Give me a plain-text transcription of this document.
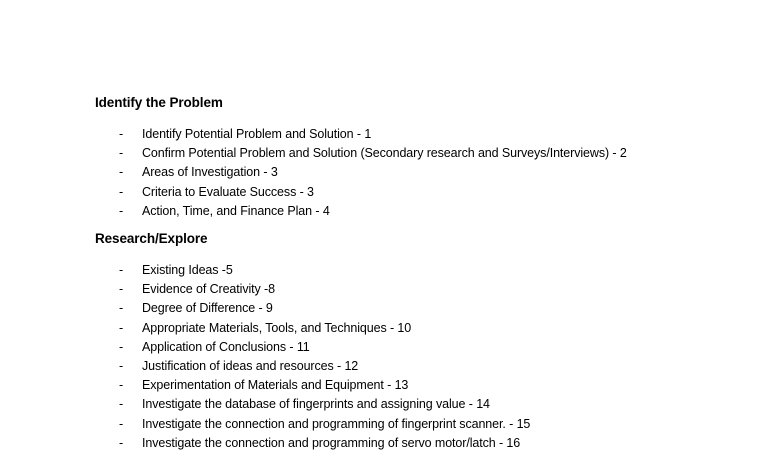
Identify the Problem
- Identify Potential Problem and Solution - 1
- Confirm Potential Problem and Solution (Secondary research and Surveys/Interviews) - 2
- Areas of Investigation - 3
- Criteria to Evaluate Success - 3
- Action, Time, and Finance Plan - 4
Research/Explore
- Existing Ideas -5
- Evidence of Creativity -8
- Degree of Difference - 9
- Appropriate Materials, Tools, and Techniques - 10
- Application of Conclusions - 11
- Justification of ideas and resources - 12
- Experimentation of Materials and Equipment - 13
- Investigate the database of fingerprints and assigning value - 14
- Investigate the connection and programming of fingerprint scanner. - 15
- Investigate the connection and programming of servo motor/latch - 16
